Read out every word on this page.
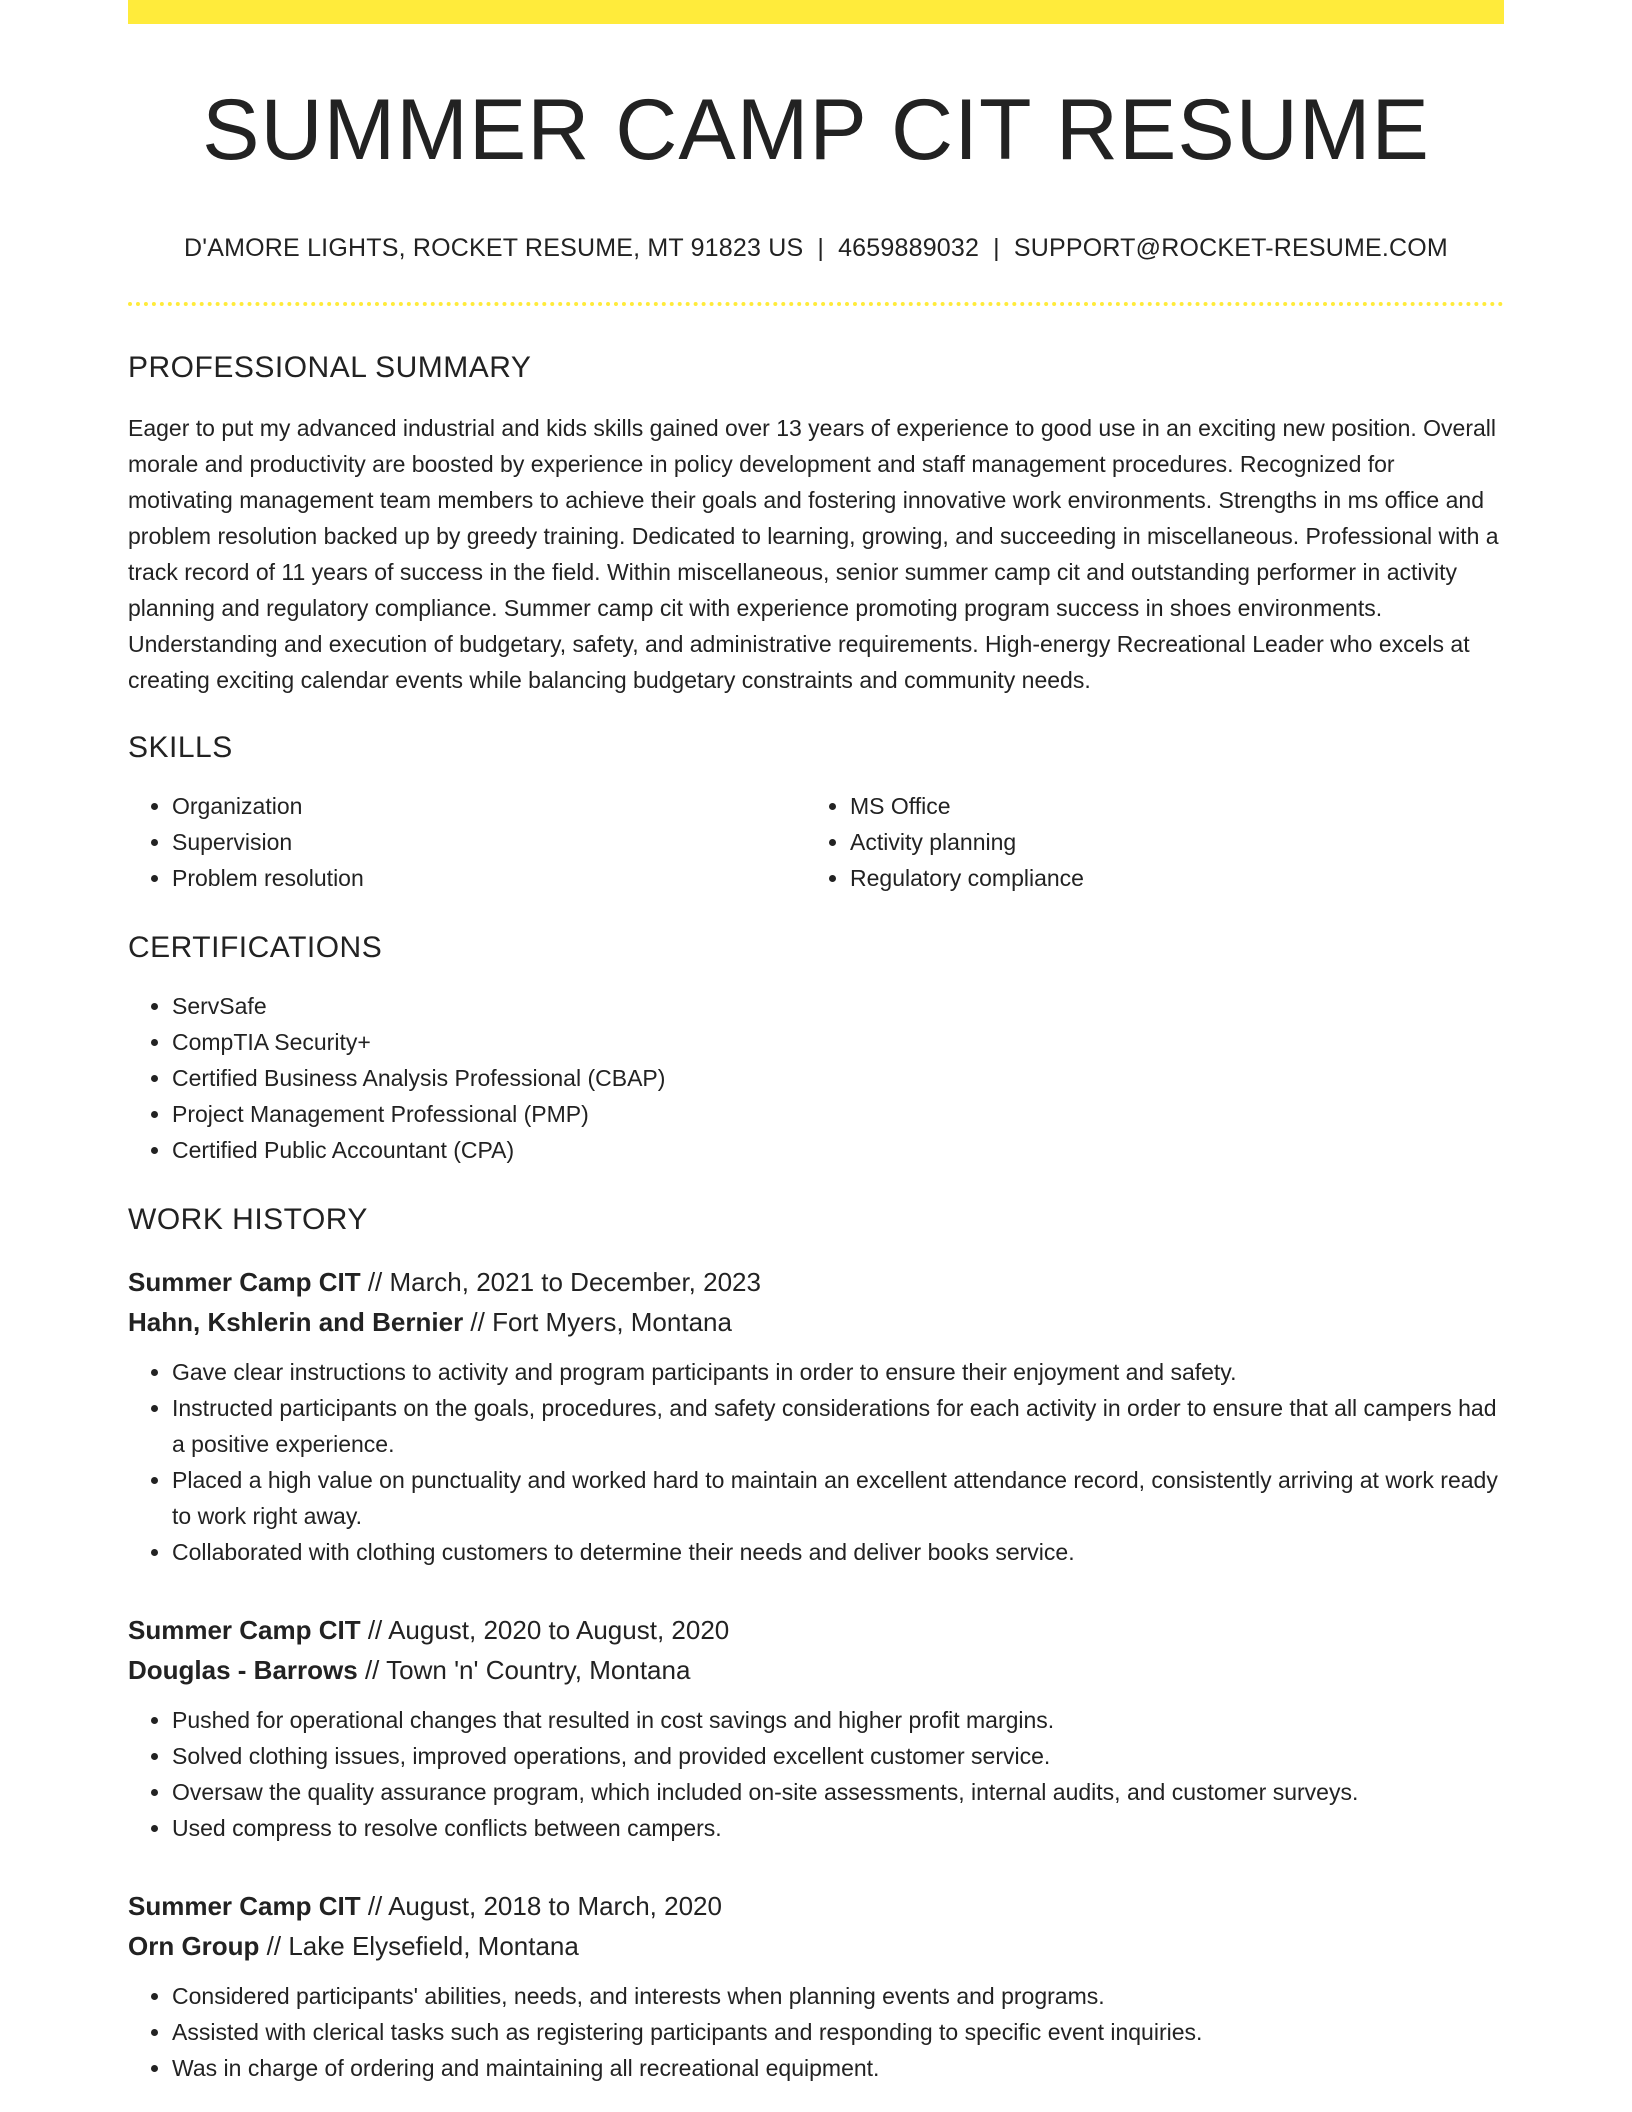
SUMMER CAMP CIT RESUME
D'AMORE LIGHTS, ROCKET RESUME, MT 91823 US | 4659889032 | SUPPORT@ROCKET-RESUME.COM
PROFESSIONAL SUMMARY

Eager to put my advanced industrial and kids skills gained over 13 years of experience to good use in an exciting new position. Overall morale and productivity are boosted by experience in policy development and staff management procedures. Recognized for motivating management team members to achieve their goals and fostering innovative work environments. Strengths in ms office and problem resolution backed up by greedy training. Dedicated to learning, growing, and succeeding in miscellaneous. Professional with a track record of 11 years of success in the field. Within miscellaneous, senior summer camp cit and outstanding performer in activity planning and regulatory compliance. Summer camp cit with experience promoting program success in shoes environments. Understanding and execution of budgetary, safety, and administrative requirements. High-energy Recreational Leader who excels at creating exciting calendar events while balancing budgetary constraints and community needs.

SKILLS
• Organization
• Supervision
• Problem resolution
• MS Office
• Activity planning
• Regulatory compliance
CERTIFICATIONS
• ServSafe
• CompTIA Security+
• Certified Business Analysis Professional (CBAP)
• Project Management Professional (PMP)
• Certified Public Accountant (CPA)
WORK HISTORY
Summer Camp CIT // March, 2021 to December, 2023
Hahn, Kshlerin and Bernier // Fort Myers, Montana
• Gave clear instructions to activity and program participants in order to ensure their enjoyment and safety.
• Instructed participants on the goals, procedures, and safety considerations for each activity in order to ensure that all campers had a positive experience.
• Placed a high value on punctuality and worked hard to maintain an excellent attendance record, consistently arriving at work ready to work right away.
• Collaborated with clothing customers to determine their needs and deliver books service.
Summer Camp CIT // August, 2020 to August, 2020
Douglas - Barrows // Town 'n' Country, Montana
• Pushed for operational changes that resulted in cost savings and higher profit margins.
• Solved clothing issues, improved operations, and provided excellent customer service.
• Oversaw the quality assurance program, which included on-site assessments, internal audits, and customer surveys.
• Used compress to resolve conflicts between campers.
Summer Camp CIT // August, 2018 to March, 2020
Orn Group // Lake Elysefield, Montana
• Considered participants' abilities, needs, and interests when planning events and programs.
• Assisted with clerical tasks such as registering participants and responding to specific event inquiries.
• Was in charge of ordering and maintaining all recreational equipment.
